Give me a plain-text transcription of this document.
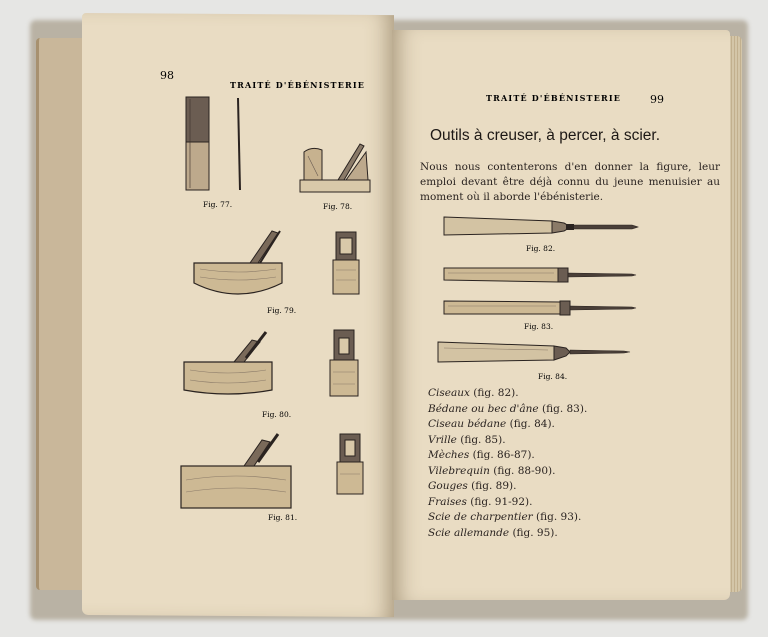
98
TRAITÉ D'ÉBÉNISTERIE
Fig. 77.	Fig. 78.
Fig. 79.
Fig. 80.
Fig. 81.
TRAITÉ D'ÉBÉNISTERIE	99
Outils à creuser, à percer, à scier.
Nous nous contenterons d'en donner la figure, leur emploi devant être déjà connu du jeune menuisier au moment où il aborde l'ébénisterie.
Fig. 82.
Fig. 83.
Fig. 84.
Ciseaux (fig. 82).
Bédane ou bec d'âne (fig. 83).
Ciseau bédane (fig. 84).
Vrille (fig. 85).
Mèches (fig. 86-87).
Vilebrequin (fig. 88-90).
Gouges (fig. 89).
Fraises (fig. 91-92).
Scie de charpentier (fig. 93).
Scie allemande (fig. 95).
